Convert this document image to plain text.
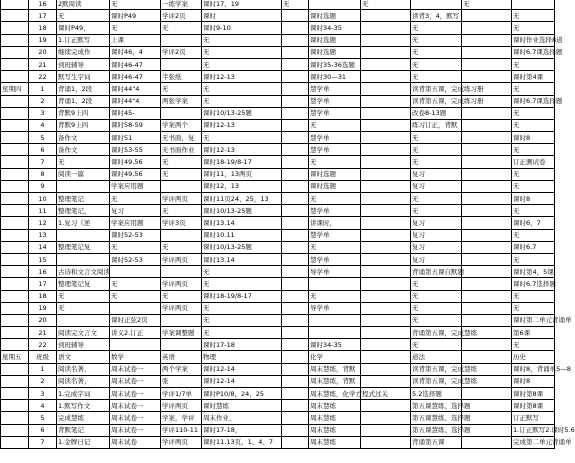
	16	2默周读	无	一练学案	课时17、19	无		无		无	
	17	无	课时P49	学评2页	课时		课时选题		读背3、4，默写		无
	18	课时P49，	无	无	课时9-10		课时34-35		无		无
	19	1.订正默写	上课		无		课时选题		无		课时作业选择8道
	20	继续完成作	课时46，4	学评2页	无		课时选题		无		课时6.7课选择题
	21	到班辅导	课时46-47		无		课时35-36选题		无		无
	22	默写生字词	课时46-47	半张纸	课时12-13		课时30—31		无		课时第4课
星期四	1	背诵1、2段	课时44"4	无	无		慧学单		读背第五课，完成练习册		无
	2	背诵1、2段	课时44"4	两张学案	无		慧学单		读背第五课，完成练习册		课时6.7课选择题
	3	背默9上四	课时45-		课时10/13-25题		慧学单		改卷8-13题		无
	4	背默9上四	课时58-59	学案两个	课时12-13		无		练习订正，背默		无
	5	备作文	课时51	无书面，复	无		慧学单		无		课时8
	6	备作文	课时53-55	无书面作业	课时12-13		慧学单		无		无
	7	无	课时49,56	无	课时18-19/8-17		无		无		订正测试卷
	8	阅读一篇	课时49,56	无	课时11，13两页		课时选题		复习		无
	9		学案应用题		课时12，13		课时选题		复习		无
	10	整理笔记	无	学评两页	课时11页24、25，13		无		无		课时8
	11	整理笔记，	复习	无	课时10/13-25题		慧学单		无		无
	12	1.复习《逆	学案应用题	学评3页	课时13.14		讲课时，		复习		课时6，7
	13		课时52-53		课时10.11		慧学单		复习		无
	14	整理笔记复	无	无	课时10/13-25题		无		复习		课时6.7
	15		课时52-53	学评两页	课时13.14		慧学单		复习		无
	16	古诗和文言文阅读			无		导学单		背诵第五课自默题		课时第4，5课
	17	整理笔记复	无	学评两页	无				无		课时6.7选择题
	18	无	无	无	课时18-19/8-17		无		无		无
	19	无		学评两页	无		导学单		无		无
	20		课时正弦2页		无				无		课时第二单元背诵单
	21	阅读完文言文	讲义2.订正	学案调整题	无				背诵第五课，完成慧练		第6课
	22	到班辅导			课时17-18		课时34-35		无		无
星期五	班级	语文	数学	英语	物理		化学		道法		历史
	1	阅读名著，	周末试卷一	两个学案	课时12-14		周末慧练，背默		读背第五课，完成慧练		课时8，背诵单5—8
	2	阅读名著，	周末试卷一	张	课时12-14		周末慧练，背默		读背第五课，完成慧练		课时8
	3	1.完成字词	周末试卷一	学评1/7单	课时P10/8，24，25		周末慧练，化学方程式过关		5.2选择题		课时第8课
	4	1.默写作文	周末试卷一	学评两页	课时慧练		周末慧练		第五课慧练、选择题		课时第8课
	5	完成慧练	周末试卷一	学案，学评	周末作业，		周末慧练		第五课慧练、选择题		订正默写
	6	背默笔记	周末试卷一	学评110-11	课时17-18，		周末慧练		第五课慧练、选择题		1.订正默写2.课时5.6
	7	1.金牌日记	周末试卷	学评两页	课时11.13页，1、4、7		周末慧练		背诵第五课		完成第二单元背诵单
